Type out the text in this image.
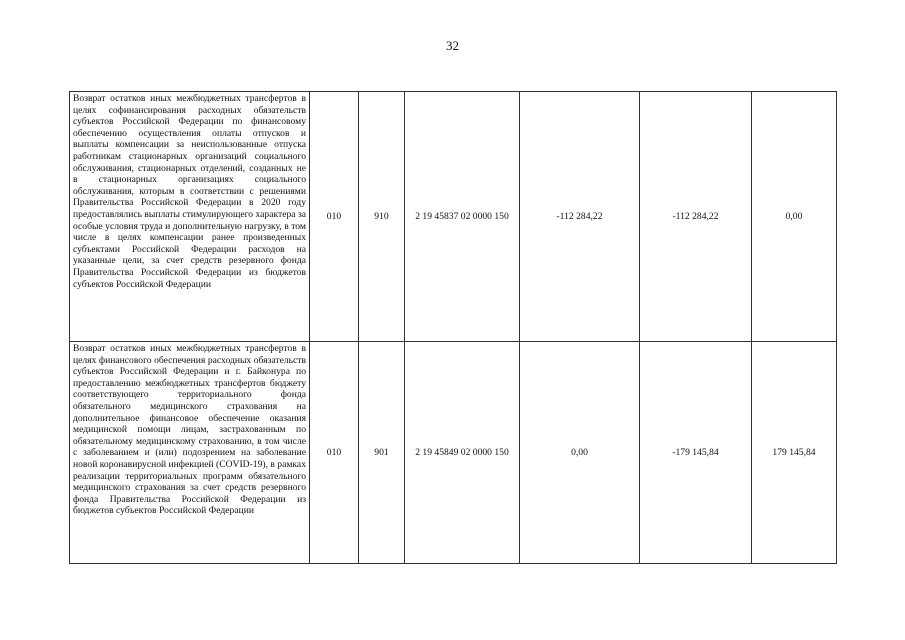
32
Возврат остатков иных межбюджетных трансфертов в целях софинансирования расходных обязательств субъектов Российской Федерации по финансовому обеспечению осуществления оплаты отпусков и выплаты компенсации за неиспользованные отпуска работникам стационарных организаций социального обслуживания, стационарных отделений, созданных не в стационарных организациях социального обслуживания, которым в соответствии с решениями Правительства Российской Федерации в 2020 году предоставлялись выплаты стимулирующего характера за особые условия труда и дополнительную нагрузку, в том числе в целях компенсации ранее произведенных субъектами Российской Федерации расходов на указанные цели, за счет средств резервного фонда Правительства Российской Федерации из бюджетов субъектов Российской Федерации	010	910	2 19 45837 02 0000 150	-112 284,22	-112 284,22	0,00
Возврат остатков иных межбюджетных трансфертов в целях финансового обеспечения расходных обязательств субъектов Российской Федерации и г. Байконура по предоставлению межбюджетных трансфертов бюджету соответствующего территориального фонда обязательного медицинского страхования на дополнительное финансовое обеспечение оказания медицинской помощи лицам, застрахованным по обязательному медицинскому страхованию, в том числе с заболеванием и (или) подозрением на заболевание новой коронавирусной инфекцией (COVID-19), в рамках реализации территориальных программ обязательного медицинского страхования за счет средств резервного фонда Правительства Российской Федерации из бюджетов субъектов Российской Федерации	010	901	2 19 45849 02 0000 150	0,00	-179 145,84	179 145,84
